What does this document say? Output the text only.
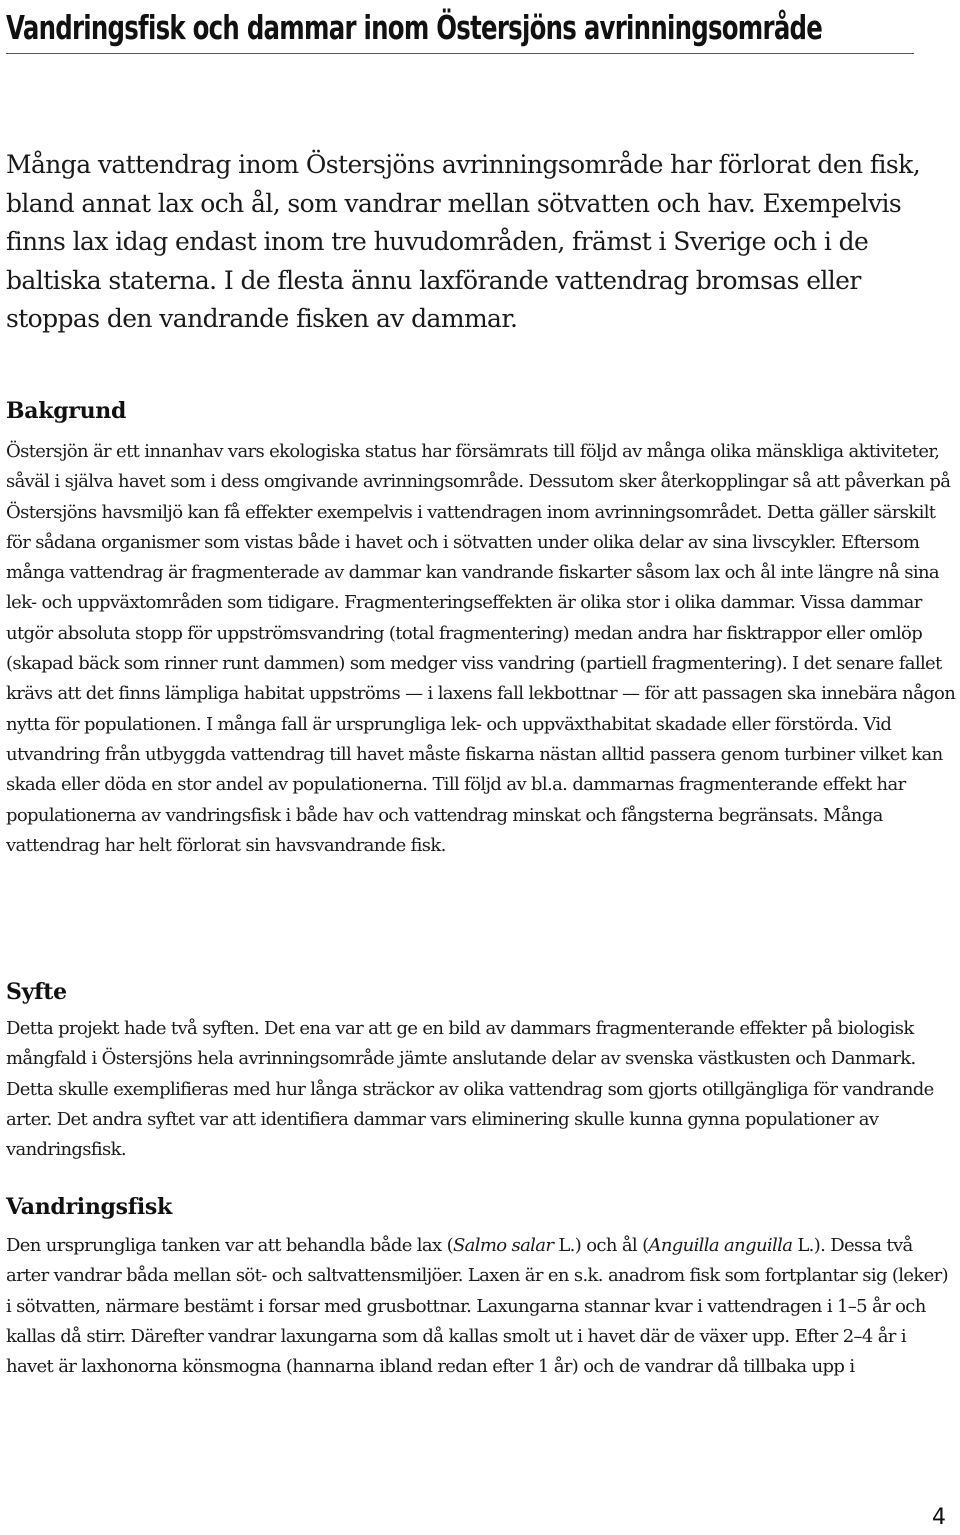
Vandringsfisk och dammar inom Östersjöns avrinningsområde

Många vattendrag inom Östersjöns avrinningsområde har förlorat den fisk, bland annat lax och ål, som vandrar mellan sötvatten och hav. Exempelvis finns lax idag endast inom tre huvudområden, främst i Sverige och i de baltiska staterna. I de flesta ännu laxförande vattendrag bromsas eller stoppas den vandrande fisken av dammar.

Bakgrund

Östersjön är ett innanhav vars ekologiska status har försämrats till följd av många olika mänskliga aktiviteter, såväl i själva havet som i dess omgivande avrinningsområde. Dessutom sker återkopplingar så att påverkan på Östersjöns havsmiljö kan få effekter exempelvis i vattendragen inom avrinningsområdet. Detta gäller särskilt för sådana organismer som vistas både i havet och i sötvatten under olika delar av sina livscykler. Eftersom många vattendrag är fragmenterade av dammar kan vandrande fiskarter såsom lax och ål inte längre nå sina lek- och uppväxtområden som tidigare. Fragmenteringseffekten är olika stor i olika dammar. Vissa dammar utgör absoluta stopp för uppströmsvandring (total fragmentering) medan andra har fisktrappor eller omlöp (skapad bäck som rinner runt dammen) som medger viss vandring (partiell fragmentering). I det senare fallet krävs att det finns lämpliga habitat uppströms — i laxens fall lekbottnar — för att passagen ska innebära någon nytta för populationen. I många fall är ursprungliga lek- och uppväxthabitat skadade eller förstörda. Vid utvandring från utbyggda vattendrag till havet måste fiskarna nästan alltid passera genom turbiner vilket kan skada eller döda en stor andel av populationerna. Till följd av bl.a. dammarnas fragmenterande effekt har populationerna av vandringsfisk i både hav och vattendrag minskat och fångsterna begränsats. Många vattendrag har helt förlorat sin havsvandrande fisk.

Syfte

Detta projekt hade två syften. Det ena var att ge en bild av dammars fragmenterande effekter på biologisk mångfald i Östersjöns hela avrinningsområde jämte anslutande delar av svenska västkusten och Danmark. Detta skulle exemplifieras med hur långa sträckor av olika vattendrag som gjorts otillgängliga för vandrande arter. Det andra syftet var att identifiera dammar vars eliminering skulle kunna gynna populationer av vandringsfisk.

Vandringsfisk

Den ursprungliga tanken var att behandla både lax (Salmo salar L.) och ål (Anguilla anguilla L.). Dessa två arter vandrar båda mellan söt- och saltvattensmiljöer. Laxen är en s.k. anadrom fisk som fortplantar sig (leker) i sötvatten, närmare bestämt i forsar med grusbottnar. Laxungarna stannar kvar i vattendragen i 1–5 år och kallas då stirr. Därefter vandrar laxungarna som då kallas smolt ut i havet där de växer upp. Efter 2–4 år i havet är laxhonorna könsmogna (hannarna ibland redan efter 1 år) och de vandrar då tillbaka upp i

4
